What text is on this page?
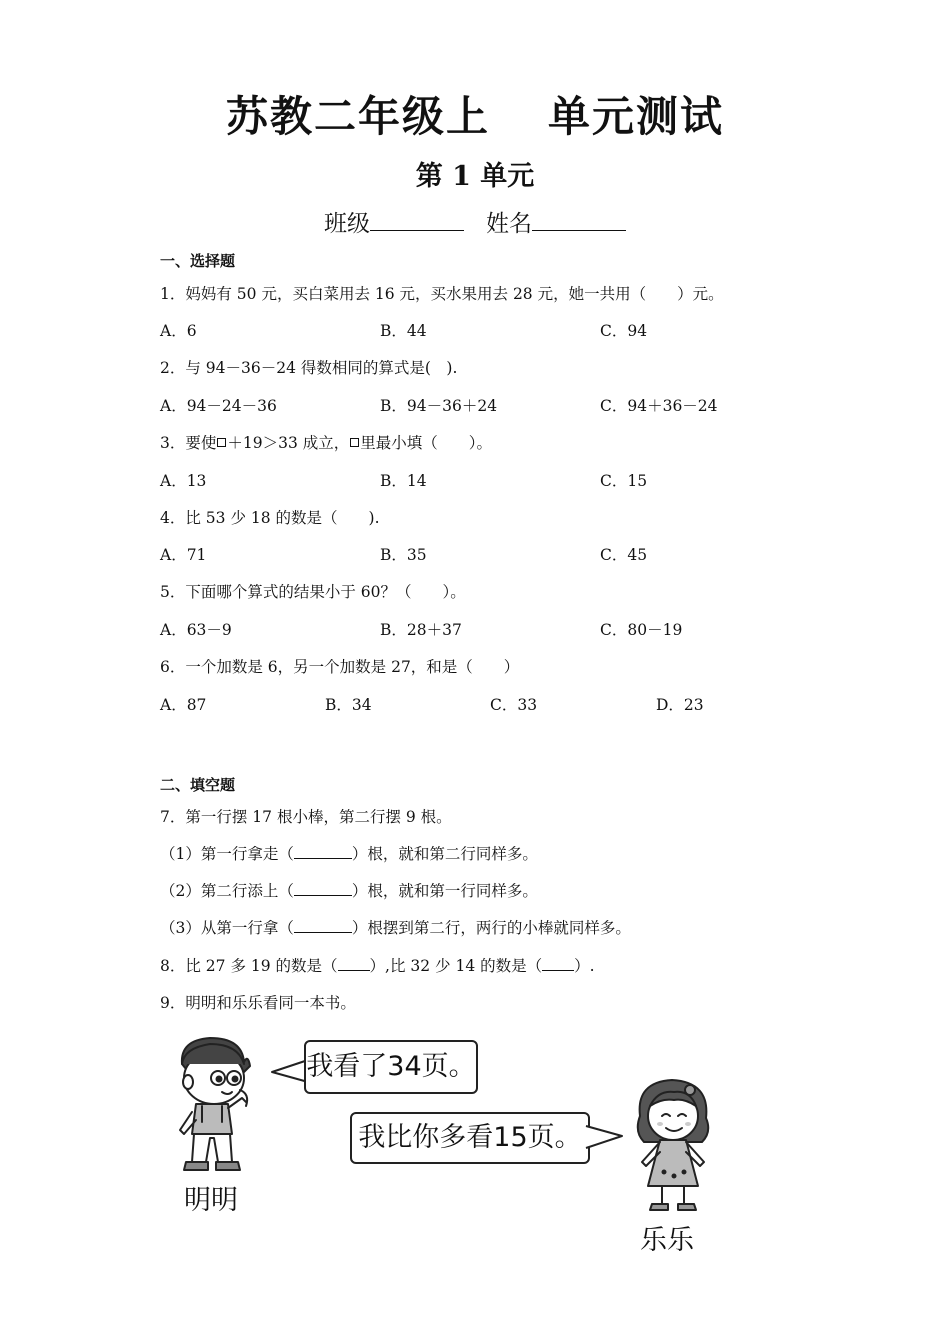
苏教二年级上 单元测试
第 1 单元
班级	姓名
一、选择题
1．妈妈有 50 元，买白菜用去 16 元，买水果用去 28 元，她一共用（　　）元。
A．6	B．44	C．94
2．与 94－36－24 得数相同的算式是(　).
A．94－24－36	B．94－36＋24	C．94＋36－24
3．要使 ＋19＞33 成立， 里最小填（　　）。
A．13	B．14	C．15
4．比 53 少 18 的数是（　　).
A．71	B．35	C．45
5．下面哪个算式的结果小于 60？（　　）。
A．63－9	B．28＋37	C．80－19
6．一个加数是 6，另一个加数是 27，和是（　　）
A．87	B．34	C．33	D．23
二、填空题
7．第一行摆 17 根小棒，第二行摆 9 根。
（1）第一行拿走（	）根，就和第二行同样多。
（2）第二行添上（	）根，就和第一行同样多。
（3）从第一行拿（	）根摆到第二行，两行的小棒就同样多。
8．比 27 多 19 的数是（ ）,比 32 少 14 的数是（ ）.
9．明明和乐乐看同一本书。
明明
我看了34页。
我比你多看15页。
乐乐
